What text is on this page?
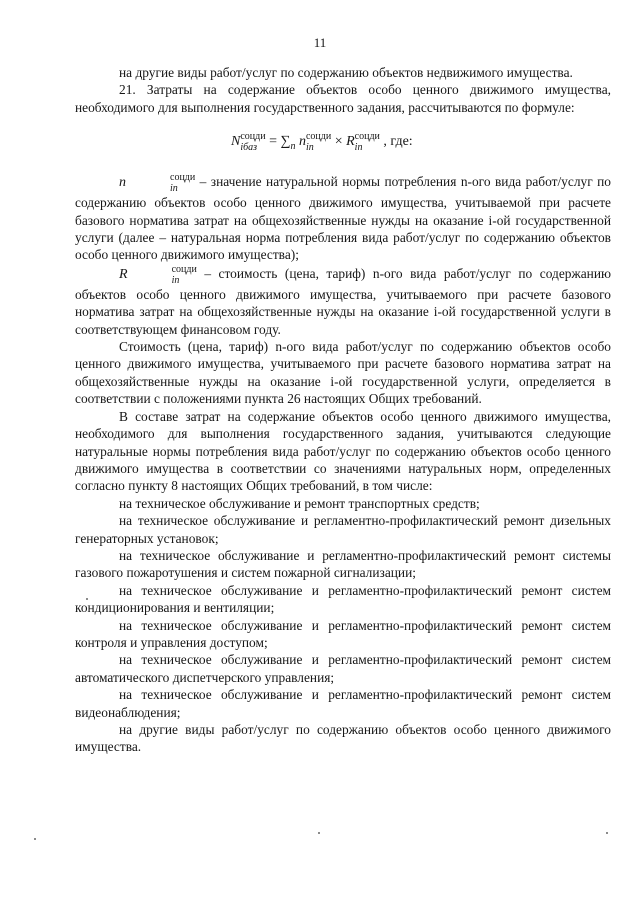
11

на другие виды работ/услуг по содержанию объектов недвижимого имущества.

21. Затраты на содержание объектов особо ценного движимого имущества, необходимого для выполнения государственного задания, рассчитываются по формуле:

N соцди
iбаз = $\sum_n$ n соцди
in	× R соцди
in	, где:

n	соцди
in	– значение натуральной нормы потребления n-ого вида работ/услуг по содержанию объектов особо ценного движимого имущества, учитываемой при расчете базового норматива затрат на общехозяйственные нужды на оказание i-ой государственной услуги (далее – натуральная норма потребления вида работ/услуг по содержанию объектов особо ценного движимого имущества);

R	соцди
in	– стоимость (цена, тариф) n-ого вида работ/услуг по содержанию объектов особо ценного движимого имущества, учитываемого при расчете базового норматива затрат на общехозяйственные нужды на оказание i-ой государственной услуги в соответствующем финансовом году.

Стоимость (цена, тариф) n-ого вида работ/услуг по содержанию объектов особо ценного движимого имущества, учитываемого при расчете базового норматива затрат на общехозяйственные нужды на оказание i-ой государственной услуги, определяется в соответствии с положениями пункта 26 настоящих Общих требований.

В составе затрат на содержание объектов особо ценного движимого имущества, необходимого для выполнения государственного задания, учитываются следующие натуральные нормы потребления вида работ/услуг по содержанию объектов особо ценного движимого имущества в соответствии со значениями натуральных норм, определенных согласно пункту 8 настоящих Общих требований, в том числе:

на техническое обслуживание и ремонт транспортных средств;

на техническое обслуживание и регламентно-профилактический ремонт дизельных генераторных установок;

на техническое обслуживание и регламентно-профилактический ремонт системы газового пожаротушения и систем пожарной сигнализации;

на техническое обслуживание и регламентно-профилактический ремонт систем кондиционирования и вентиляции;

на техническое обслуживание и регламентно-профилактический ремонт систем контроля и управления доступом;

на техническое обслуживание и регламентно-профилактический ремонт систем автоматического диспетчерского управления;

на техническое обслуживание и регламентно-профилактический ремонт систем видеонаблюдения;

на другие виды работ/услуг по содержанию объектов особо ценного движимого имущества.
